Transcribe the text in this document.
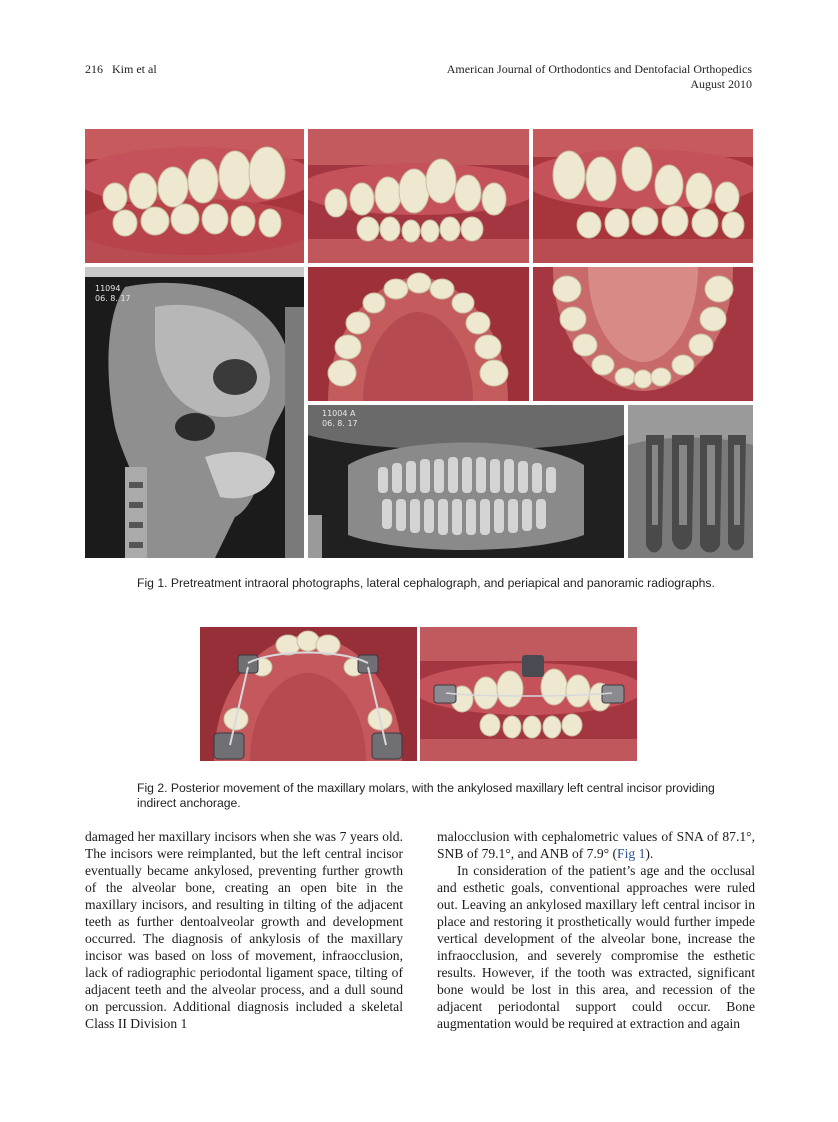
216 Kim et al	American Journal of Orthodontics and Dentofacial Orthopedics
August 2010
11094
06. 8. 17
11004 A
06. 8. 17
Fig 1. Pretreatment intraoral photographs, lateral cephalograph, and periapical and panoramic radiographs.
Fig 2. Posterior movement of the maxillary molars, with the ankylosed maxillary left central incisor providing indirect anchorage.

damaged her maxillary incisors when she was 7 years old. The incisors were reimplanted, but the left central incisor eventually became ankylosed, preventing further growth of the alveolar bone, creating an open bite in the maxillary incisors, and resulting in tilting of the adjacent teeth as further dentoalveolar growth and development occurred. The diagnosis of ankylosis of the maxillary incisor was based on loss of movement, infraocclusion, lack of radiographic periodontal ligament space, tilting of adjacent teeth and the alveolar process, and a dull sound on percussion. Additional diagnosis included a skeletal Class II Division 1

malocclusion with cephalometric values of SNA of 87.1°, SNB of 79.1°, and ANB of 7.9° (Fig 1).

In consideration of the patient’s age and the occlusal and esthetic goals, conventional approaches were ruled out. Leaving an ankylosed maxillary left central incisor in place and restoring it prosthetically would further impede vertical development of the alveolar bone, increase the infraocclusion, and severely compromise the esthetic results. However, if the tooth was extracted, significant bone would be lost in this area, and recession of the adjacent periodontal support could occur. Bone augmentation would be required at extraction and again
